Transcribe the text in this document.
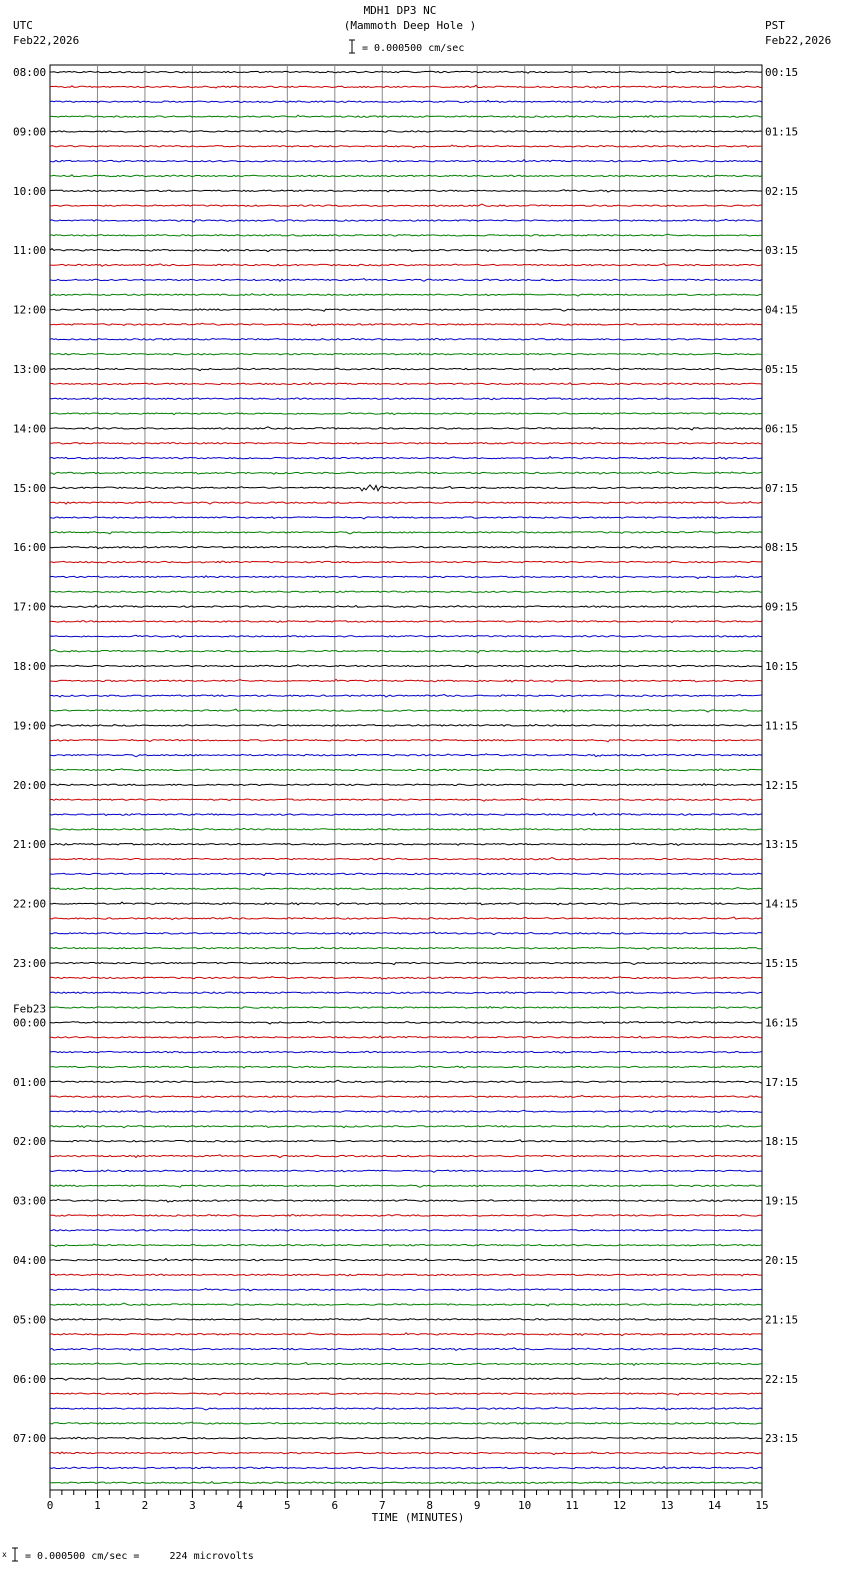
MDH1 DP3 NC
(Mammoth Deep Hole )
= 0.000500 cm/sec
UTC
Feb22,2026
PST
Feb22,2026
0	1	2	3	4	5	6	7	8	9	10	11	12	13	14	15
08:00	00:15
09:00	01:15
10:00	02:15
11:00	03:15
12:00	04:15
13:00	05:15
14:00	06:15
15:00	07:15
16:00	08:15
17:00	09:15
18:00	10:15
19:00	11:15
20:00	12:15
21:00	13:15
22:00	14:15
23:00	15:15
00:00	16:15
Feb23
01:00	17:15
02:00	18:15
03:00	19:15
04:00	20:15
05:00	21:15
06:00	22:15
07:00	23:15
TIME (MINUTES)
x = 0.000500 cm/sec =     224 microvolts
